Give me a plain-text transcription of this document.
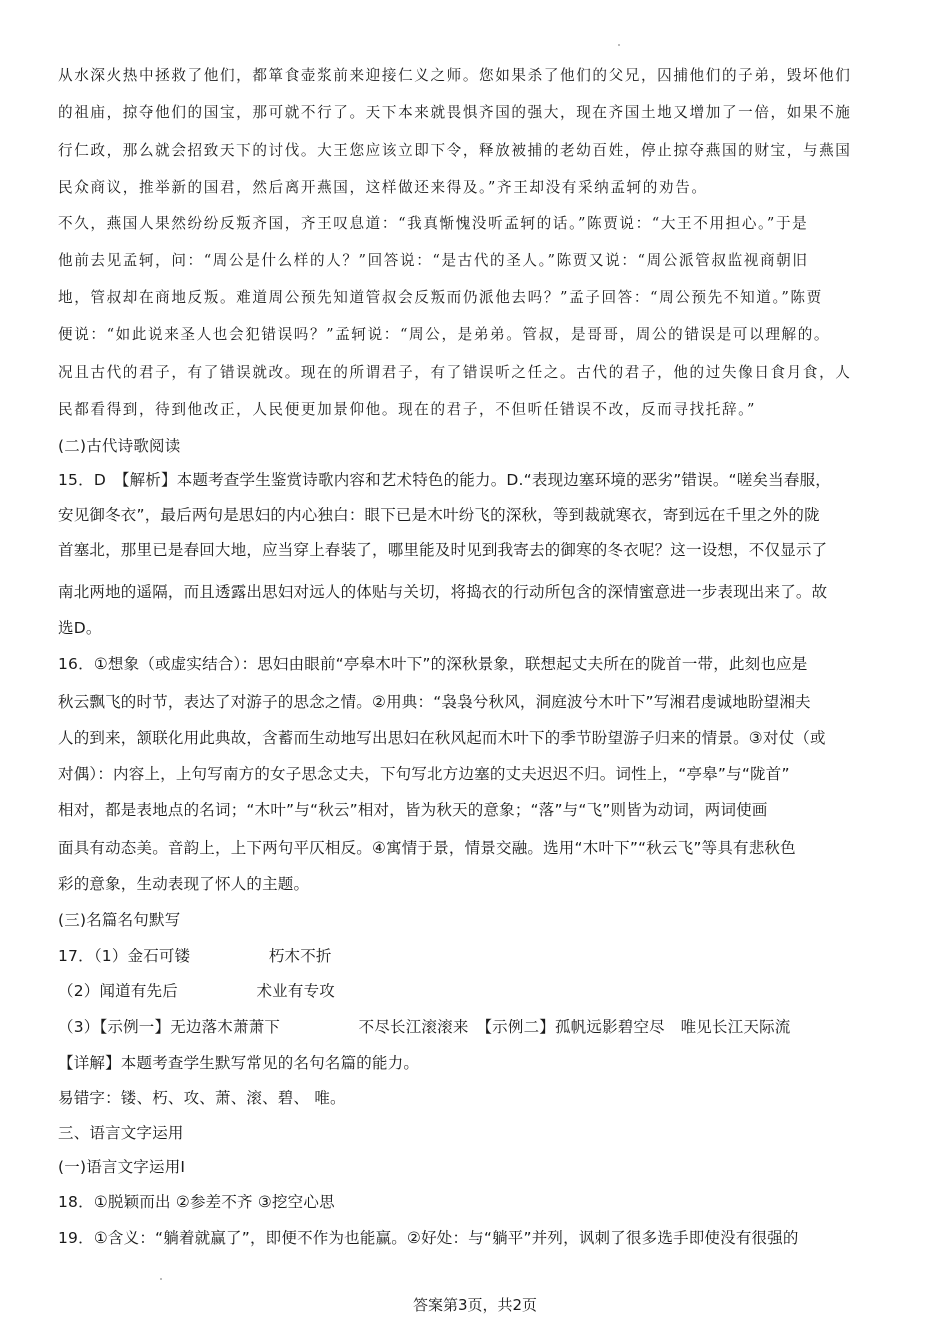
从水深火热中拯救了他们，都箪食壶浆前来迎接仁义之师。您如果杀了他们的父兄，囚捕他们的子弟，毁坏他们
的祖庙，掠夺他们的国宝，那可就不行了。天下本来就畏惧齐国的强大，现在齐国土地又增加了一倍，如果不施
行仁政，那么就会招致天下的讨伐。大王您应该立即下令，释放被捕的老幼百姓，停止掠夺燕国的财宝，与燕国
民众商议，推举新的国君，然后离开燕国，这样做还来得及。”齐王却没有采纳孟轲的劝告。
不久，燕国人果然纷纷反叛齐国，齐王叹息道：“我真惭愧没听孟轲的话。”陈贾说：“大王不用担心。”于是
他前去见孟轲，问：“周公是什么样的人？”回答说：“是古代的圣人。”陈贾又说：“周公派管叔监视商朝旧
地，管叔却在商地反叛。难道周公预先知道管叔会反叛而仍派他去吗？”孟子回答：“周公预先不知道。”陈贾
便说：“如此说来圣人也会犯错误吗？”孟轲说：“周公，是弟弟。管叔，是哥哥，周公的错误是可以理解的。
况且古代的君子，有了错误就改。现在的所谓君子，有了错误听之任之。古代的君子，他的过失像日食月食，人
民都看得到，待到他改正，人民便更加景仰他。现在的君子，不但听任错误不改，反而寻找托辞。”
(二)古代诗歌阅读
15．D　【解析】本题考查学生鉴赏诗歌内容和艺术特色的能力。D.“表现边塞环境的恶劣”错误。“嗟矣当春服，
安见御冬衣”，最后两句是思妇的内心独白：眼下已是木叶纷飞的深秋，等到裁就寒衣，寄到远在千里之外的陇
首塞北，那里已是春回大地，应当穿上春装了，哪里能及时见到我寄去的御寒的冬衣呢？这一设想，不仅显示了
南北两地的遥隔，而且透露出思妇对远人的体贴与关切，将捣衣的行动所包含的深情蜜意进一步表现出来了。故
选D。
16．①想象（或虚实结合）：思妇由眼前“亭皋木叶下”的深秋景象，联想起丈夫所在的陇首一带，此刻也应是
秋云飘飞的时节，表达了对游子的思念之情。②用典：“袅袅兮秋风，洞庭波兮木叶下”写湘君虔诚地盼望湘夫
人的到来，颔联化用此典故，含蓄而生动地写出思妇在秋风起而木叶下的季节盼望游子归来的情景。③对仗（或
对偶）：内容上，上句写南方的女子思念丈夫，下句写北方边塞的丈夫迟迟不归。词性上，“亭皋”与“陇首”
相对，都是表地点的名词；“木叶”与“秋云”相对，皆为秋天的意象；“落”与“飞”则皆为动词，两词使画
面具有动态美。音韵上，上下两句平仄相反。④寓情于景，情景交融。选用“木叶下”“秋云飞”等具有悲秋色
彩的意象，生动表现了怀人的主题。
(三)名篇名句默写
17．（1）金石可镂　　　　　朽木不折
（2）闻道有先后　　　　　术业有专攻
（3）【示例一】无边落木萧萧下　　　　　不尽长江滚滚来　【示例二】孤帆远影碧空尽　唯见长江天际流
【详解】本题考查学生默写常见的名句名篇的能力。
易错字：镂、朽、攻、萧、滚、碧、 唯。
三、语言文字运用
(一)语言文字运用Ⅰ
18．①脱颖而出 ②参差不齐 ③挖空心思
19．①含义：“躺着就赢了”，即便不作为也能赢。②好处：与“躺平”并列，讽刺了很多选手即使没有很强的
答案第3页，共2页
